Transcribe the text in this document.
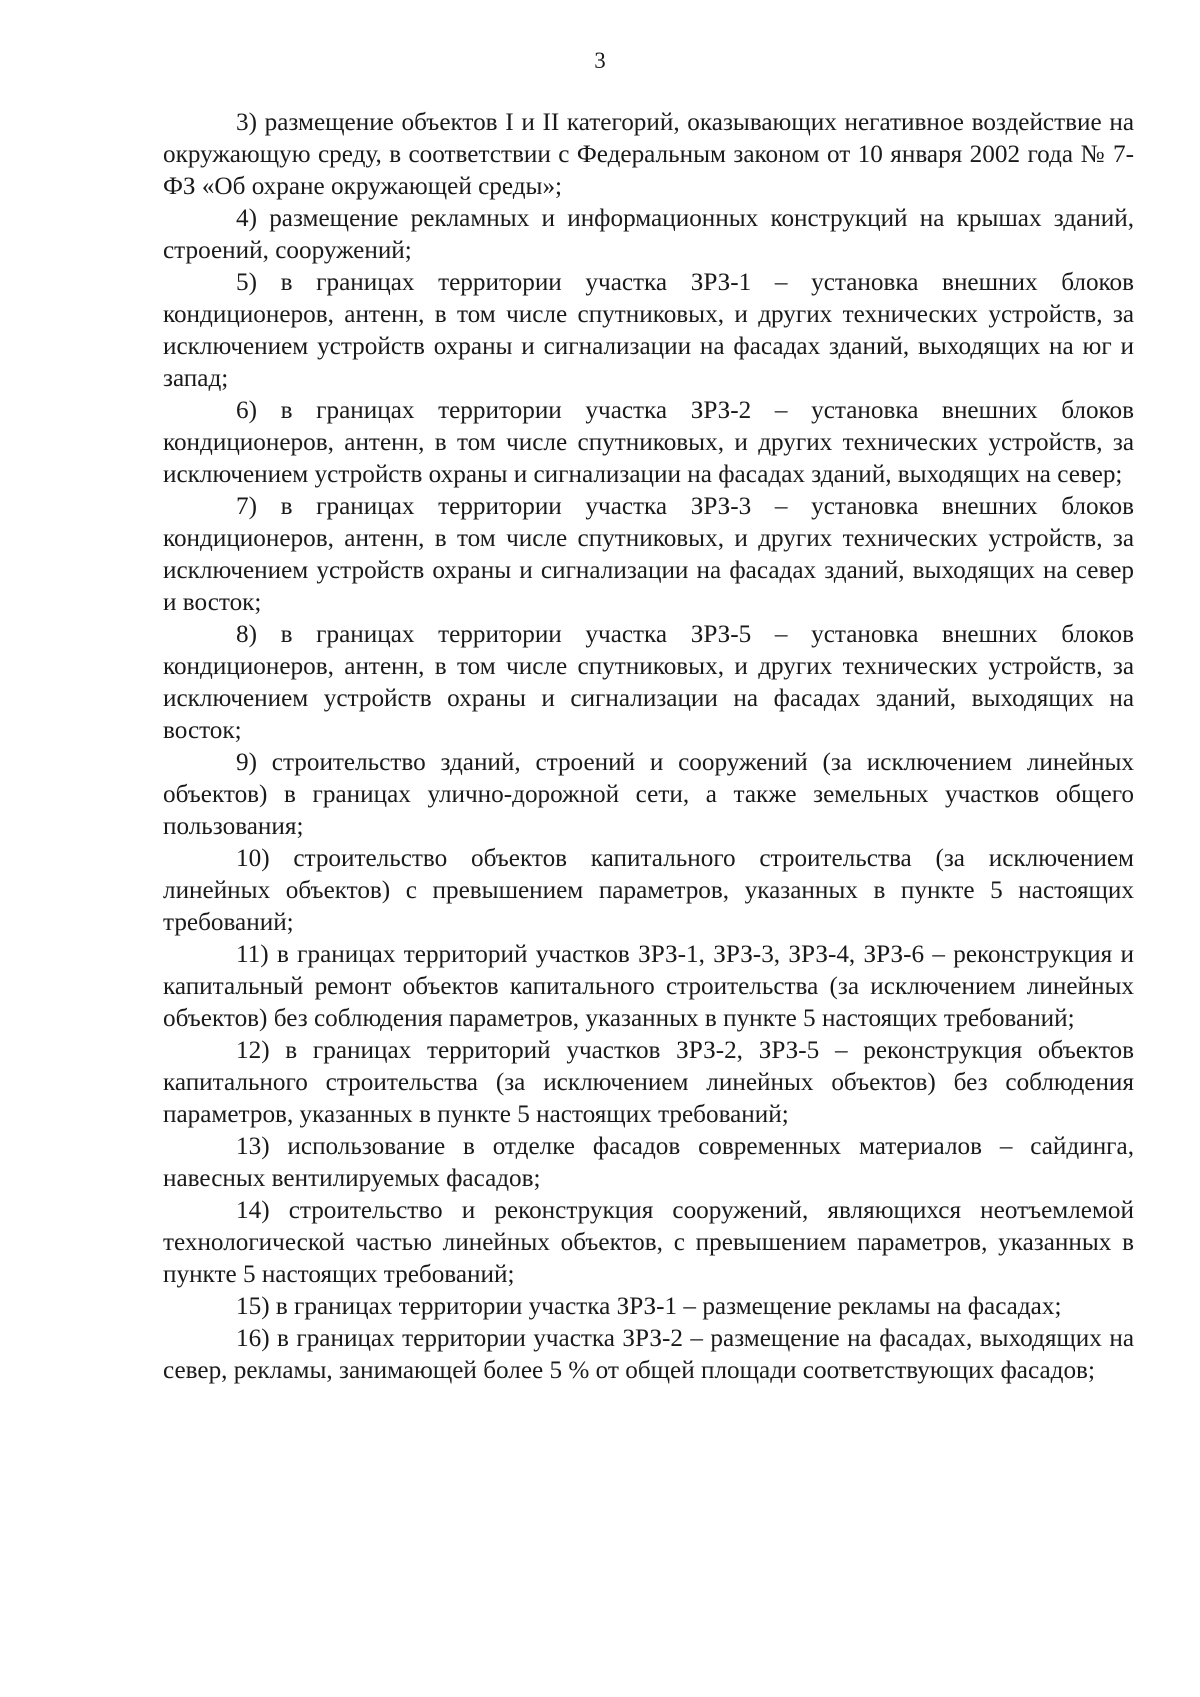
3

3) размещение объектов I и II категорий, оказывающих негативное воздействие на окружающую среду, в соответствии с Федеральным законом от 10 января 2002 года № 7-ФЗ «Об охране окружающей среды»;

4) размещение рекламных и информационных конструкций на крышах зданий, строений, сооружений;

5) в границах территории участка ЗРЗ-1 – установка внешних блоков кондиционеров, антенн, в том числе спутниковых, и других технических устройств, за исключением устройств охраны и сигнализации на фасадах зданий, выходящих на юг и запад;

6) в границах территории участка ЗРЗ-2 – установка внешних блоков кондиционеров, антенн, в том числе спутниковых, и других технических устройств, за исключением устройств охраны и сигнализации на фасадах зданий, выходящих на север;

7) в границах территории участка ЗРЗ-3 – установка внешних блоков кондиционеров, антенн, в том числе спутниковых, и других технических устройств, за исключением устройств охраны и сигнализации на фасадах зданий, выходящих на север и восток;

8) в границах территории участка ЗРЗ-5 – установка внешних блоков кондиционеров, антенн, в том числе спутниковых, и других технических устройств, за исключением устройств охраны и сигнализации на фасадах зданий, выходящих на восток;

9) строительство зданий, строений и сооружений (за исключением линейных объектов) в границах улично-дорожной сети, а также земельных участков общего пользования;

10) строительство объектов капитального строительства (за исключением линейных объектов) с превышением параметров, указанных в пункте 5 настоящих требований;

11) в границах территорий участков ЗРЗ-1, ЗРЗ-3, ЗРЗ-4, ЗРЗ-6 – реконструкция и капитальный ремонт объектов капитального строительства (за исключением линейных объектов) без соблюдения параметров, указанных в пункте 5 настоящих требований;

12) в границах территорий участков ЗРЗ-2, ЗРЗ-5 – реконструкция объектов капитального строительства (за исключением линейных объектов) без соблюдения параметров, указанных в пункте 5 настоящих требований;

13) использование в отделке фасадов современных материалов – сайдинга, навесных вентилируемых фасадов;

14) строительство и реконструкция сооружений, являющихся неотъемлемой технологической частью линейных объектов, с превышением параметров, указанных в пункте 5 настоящих требований;

15) в границах территории участка ЗРЗ-1 – размещение рекламы на фасадах;

16) в границах территории участка ЗРЗ-2 – размещение на фасадах, выходящих на север, рекламы, занимающей более 5 % от общей площади соответствующих фасадов;
